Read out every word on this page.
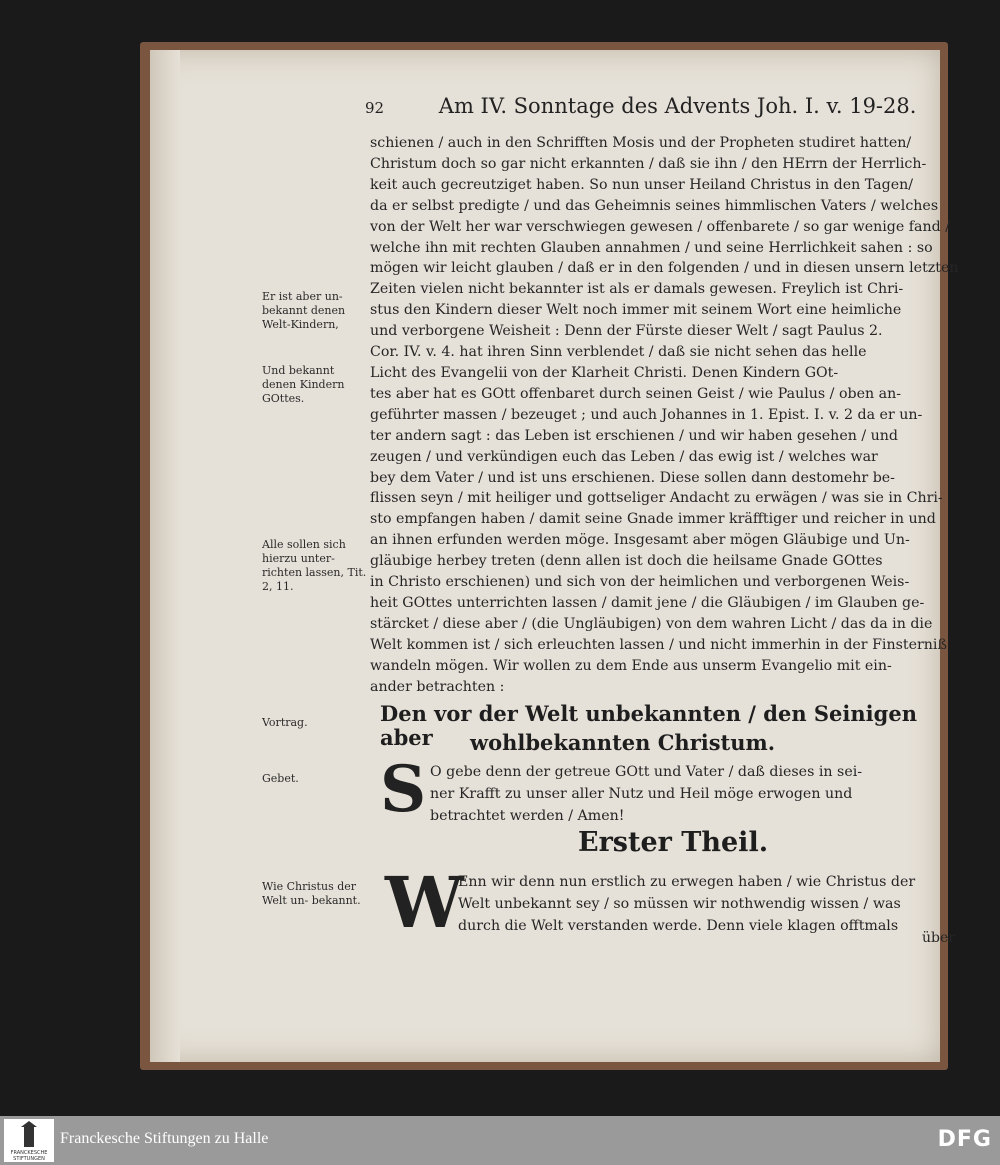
92	Am IV. Sonntage des Advents Joh. I. v. 19-28.

schienen / auch in den Schrifften Mosis und der Propheten studiret hatten/

Christum doch so gar nicht erkannten / daß sie ihn / den HErrn der Herrlich-

keit auch gecreutziget haben. So nun unser Heiland Christus in den Tagen/

da er selbst predigte / und das Geheimnis seines himmlischen Vaters / welches

von der Welt her war verschwiegen gewesen / offenbarete / so gar wenige fand /

welche ihn mit rechten Glauben annahmen / und seine Herrlichkeit sahen : so

mögen wir leicht glauben / daß er in den folgenden / und in diesen unsern letzten

Zeiten vielen nicht bekannter ist als er damals gewesen. Freylich ist Chri-

stus den Kindern dieser Welt noch immer mit seinem Wort eine heimliche

und verborgene Weisheit : Denn der Fürste dieser Welt / sagt Paulus 2.

Cor. IV. v. 4. hat ihren Sinn verblendet / daß sie nicht sehen das helle

Licht des Evangelii von der Klarheit Christi. Denen Kindern GOt-

tes aber hat es GOtt offenbaret durch seinen Geist / wie Paulus / oben an-

geführter massen / bezeuget ; und auch Johannes in 1. Epist. I. v. 2 da er un-

ter andern sagt : das Leben ist erschienen / und wir haben gesehen / und

zeugen / und verkündigen euch das Leben / das ewig ist / welches war

bey dem Vater / und ist uns erschienen. Diese sollen dann destomehr be-

flissen seyn / mit heiliger und gottseliger Andacht zu erwägen / was sie in Chri-

sto empfangen haben / damit seine Gnade immer kräfftiger und reicher in und

an ihnen erfunden werden möge. Insgesamt aber mögen Gläubige und Un-

gläubige herbey treten (denn allen ist doch die heilsame Gnade GOttes

in Christo erschienen) und sich von der heimlichen und verborgenen Weis-

heit GOttes unterrichten lassen / damit jene / die Gläubigen / im Glauben ge-

stärcket / diese aber / (die Ungläubigen) von dem wahren Licht / das da in die

Welt kommen ist / sich erleuchten lassen / und nicht immerhin in der Finsterniß

wandeln mögen. Wir wollen zu dem Ende aus unserm Evangelio mit ein-

ander betrachten :

Er ist aber un- bekannt denen Welt-Kindern,
Und bekannt denen Kindern GOttes.
Alle sollen sich hierzu unter- richten lassen, Tit. 2, 11.
Vortrag.
Gebet.
Wie Christus der Welt un- bekannt.
Den vor der Welt unbekannten / den Seinigen aber	wohlbekannten Christum.
S O gebe denn der getreue GOtt und Vater / daß dieses in sei-
ner Krafft zu unser aller Nutz und Heil möge erwogen und
betrachtet werden / Amen!
Erster Theil.
W
Enn wir denn nun erstlich zu erwegen haben / wie Christus der
Welt unbekannt sey / so müssen wir nothwendig wissen / was
durch die Welt verstanden werde. Denn viele klagen offtmals
über
FRANCKESCHE STIFTUNGEN
Franckesche Stiftungen zu Halle	DFG
